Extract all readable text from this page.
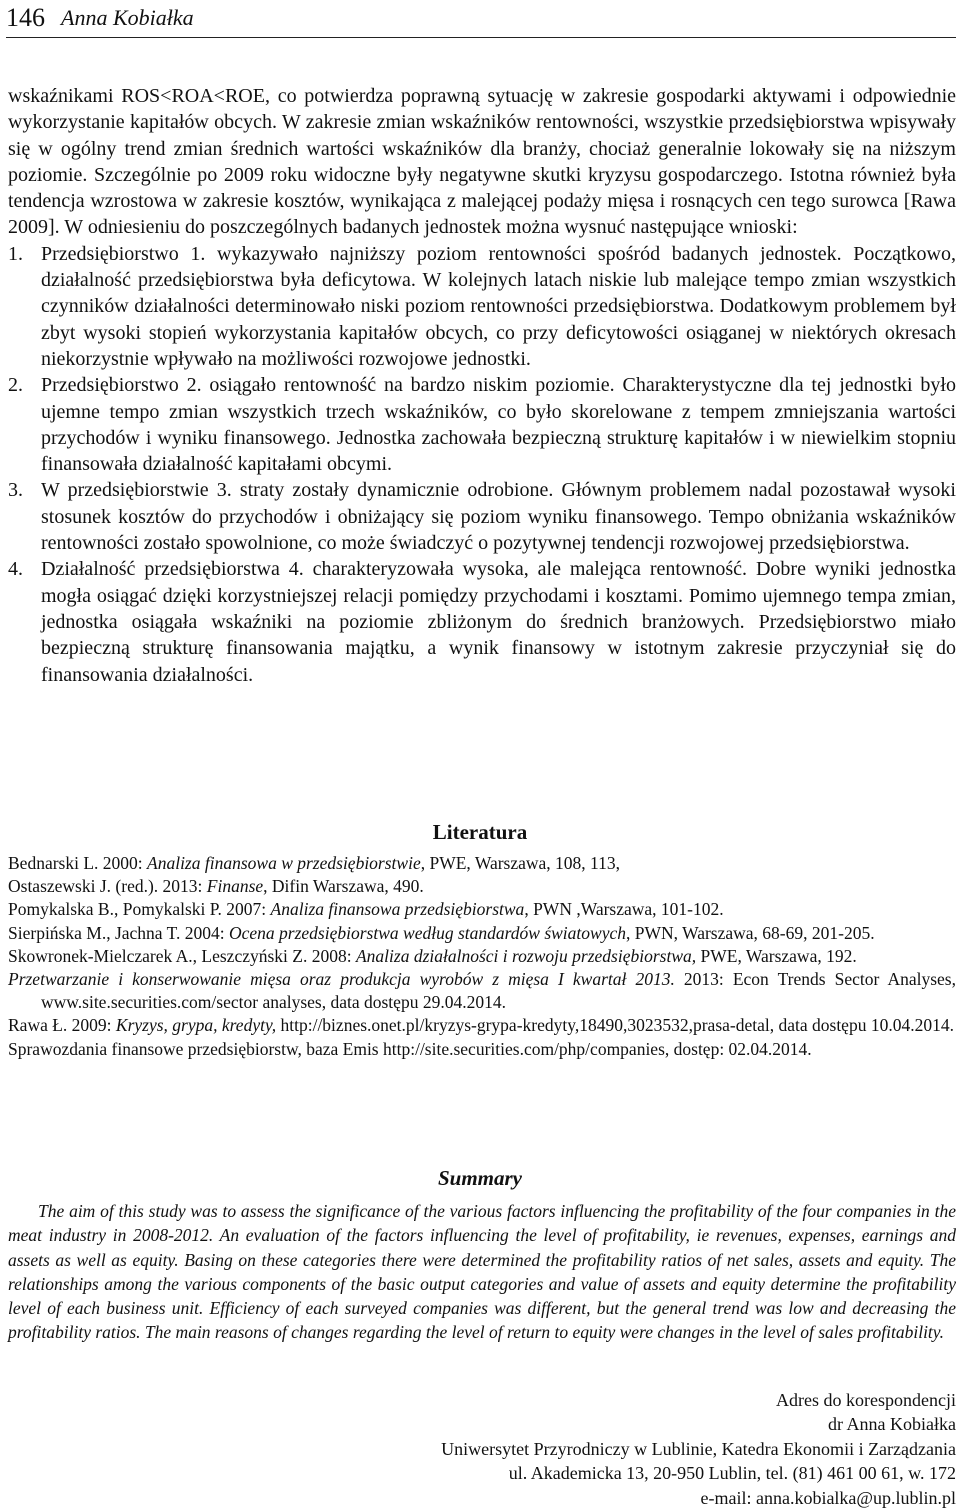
146 Anna Kobiałka

wskaźnikami ROS<ROA<ROE, co potwierdza poprawną sytuację w zakresie gospodarki aktywami i odpowiednie wykorzystanie kapitałów obcych. W zakresie zmian wskaźników rentowności, wszystkie przedsiębiorstwa wpisywały się w ogólny trend zmian średnich wartości wskaźników dla branży, chociaż generalnie lokowały się na niższym poziomie. Szczególnie po 2009 roku widoczne były negatywne skutki kryzysu gospodarczego. Istotna również była tendencja wzrostowa w zakresie kosztów, wynikająca z malejącej podaży mięsa i rosnących cen tego surowca [Rawa 2009]. W odniesieniu do poszczególnych badanych jednostek można wysnuć następujące wnioski:

1. Przedsiębiorstwo 1. wykazywało najniższy poziom rentowności spośród badanych jednostek. Początkowo, działalność przedsiębiorstwa była deficytowa. W kolejnych latach niskie lub malejące tempo zmian wszystkich czynników działalności determinowało niski poziom rentowności przedsiębiorstwa. Dodatkowym problemem był zbyt wysoki stopień wykorzystania kapitałów obcych, co przy deficytowości osiąganej w niektórych okresach niekorzystnie wpływało na możliwości rozwojowe jednostki.
2. Przedsiębiorstwo 2. osiągało rentowność na bardzo niskim poziomie. Charakterystyczne dla tej jednostki było ujemne tempo zmian wszystkich trzech wskaźników, co było skorelowane z tempem zmniejszania wartości przychodów i wyniku finansowego. Jednostka zachowała bezpieczną strukturę kapitałów i w niewielkim stopniu finansowała działalność kapitałami obcymi.
3. W przedsiębiorstwie 3. straty zostały dynamicznie odrobione. Głównym problemem nadal pozostawał wysoki stosunek kosztów do przychodów i obniżający się poziom wyniku finansowego. Tempo obniżania wskaźników rentowności zostało spowolnione, co może świadczyć o pozytywnej tendencji rozwojowej przedsiębiorstwa.
4. Działalność przedsiębiorstwa 4. charakteryzowała wysoka, ale malejąca rentowność. Dobre wyniki jednostka mogła osiągać dzięki korzystniejszej relacji pomiędzy przychodami i kosztami. Pomimo ujemnego tempa zmian, jednostka osiągała wskaźniki na poziomie zbliżonym do średnich branżowych. Przedsiębiorstwo miało bezpieczną strukturę finansowania majątku, a wynik finansowy w istotnym zakresie przyczyniał się do finansowania działalności.
Literatura
Bednarski L. 2000: Analiza finansowa w przedsiębiorstwie, PWE, Warszawa, 108, 113,
Ostaszewski J. (red.). 2013: Finanse, Difin Warszawa, 490.
Pomykalska B., Pomykalski P. 2007: Analiza finansowa przedsiębiorstwa, PWN ,Warszawa, 101-102.
Sierpińska M., Jachna T. 2004: Ocena przedsiębiorstwa według standardów światowych, PWN, Warszawa, 68-69, 201-205.
Skowronek-Mielczarek A., Leszczyński Z. 2008: Analiza działalności i rozwoju przedsiębiorstwa, PWE, Warszawa, 192.
Przetwarzanie i konserwowanie mięsa oraz produkcja wyrobów z mięsa I kwartał 2013. 2013: Econ Trends Sector Analyses, www.site.securities.com/sector analyses, data dostępu 29.04.2014.
Rawa Ł. 2009: Kryzys, grypa, kredyty, http://biznes.onet.pl/kryzys-grypa-kredyty,18490,3023532,prasa-detal, data dostępu 10.04.2014.
Sprawozdania finansowe przedsiębiorstw, baza Emis http://site.securities.com/php/companies, dostęp: 02.04.2014.
Summary
The aim of this study was to assess the significance of the various factors influencing the profitability of the four companies in the meat industry in 2008-2012. An evaluation of the factors influencing the level of profitability, ie revenues, expenses, earnings and assets as well as equity. Basing on these categories there were determined the profitability ratios of net sales, assets and equity. The relationships among the various components of the basic output categories and value of assets and equity determine the profitability level of each business unit. Efficiency of each surveyed companies was different, but the general trend was low and decreasing the profitability ratios. The main reasons of changes regarding the level of return to equity were changes in the level of sales profitability.
Adres do korespondencji
dr Anna Kobiałka
Uniwersytet Przyrodniczy w Lublinie, Katedra Ekonomii i Zarządzania
ul. Akademicka 13, 20-950 Lublin, tel. (81) 461 00 61, w. 172
e-mail: anna.kobialka@up.lublin.pl
